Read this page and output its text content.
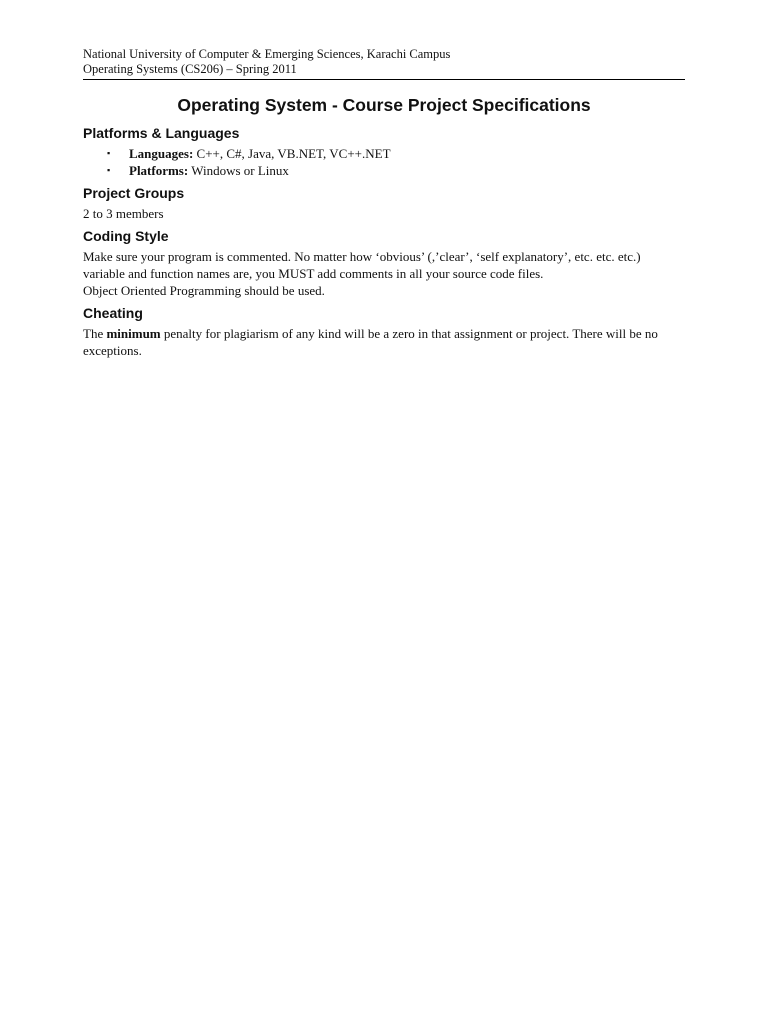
National University of Computer & Emerging Sciences, Karachi Campus
Operating Systems (CS206) – Spring 2011
Operating System - Course Project Specifications
Platforms & Languages
▪ Languages: C++, C#, Java, VB.NET, VC++.NET
▪ Platforms: Windows or Linux
Project Groups
2 to 3 members
Coding Style
Make sure your program is commented. No matter how ‘obvious’ (,’clear’, ‘self explanatory’, etc. etc. etc.) variable and function names are, you MUST add comments in all your source code files.
Object Oriented Programming should be used.
Cheating
The minimum penalty for plagiarism of any kind will be a zero in that assignment or project. There will be no exceptions.
